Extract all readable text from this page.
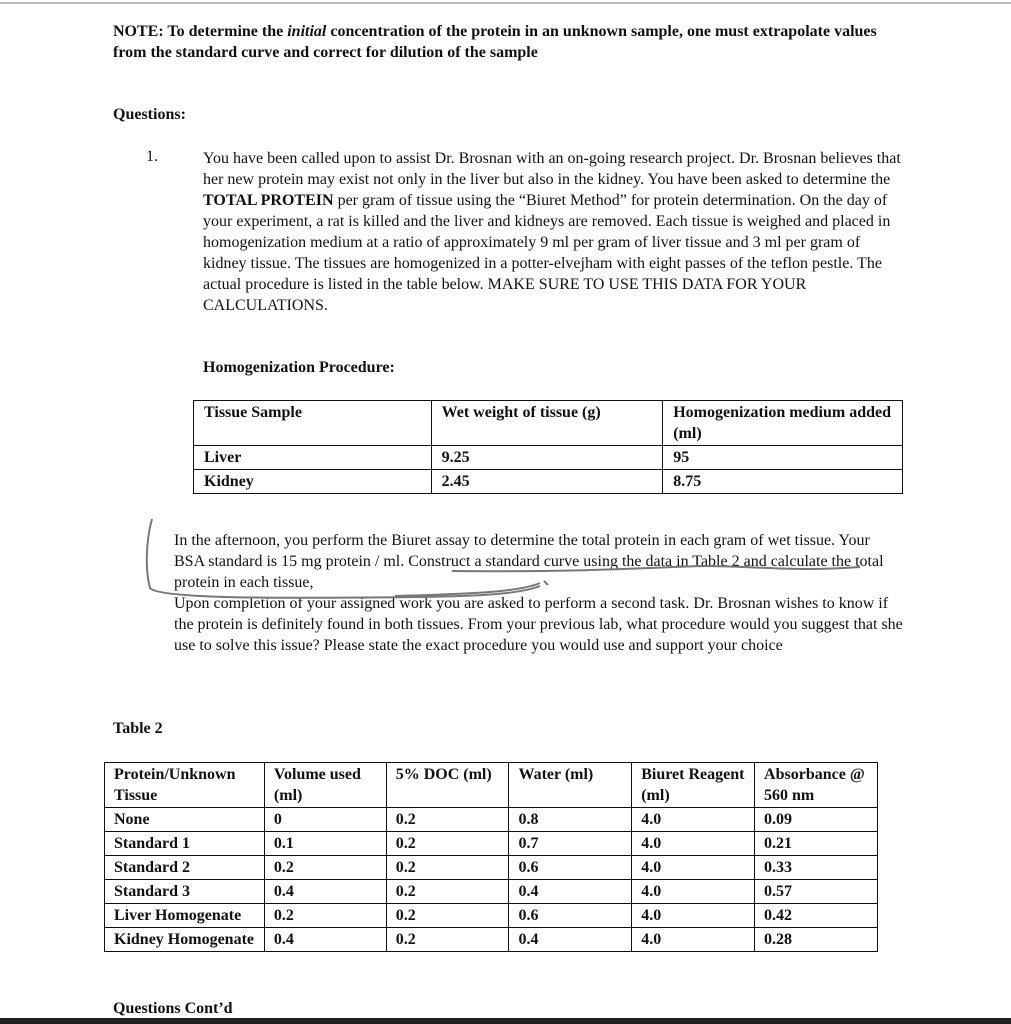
NOTE: To determine the initial concentration of the protein in an unknown sample, one must extrapolate values from the standard curve and correct for dilution of the sample
Questions:
1.	You have been called upon to assist Dr. Brosnan with an on-going research project. Dr. Brosnan believes that her new protein may exist not only in the liver but also in the kidney. You have been asked to determine the TOTAL PROTEIN per gram of tissue using the “Biuret Method” for protein determination. On the day of your experiment, a rat is killed and the liver and kidneys are removed. Each tissue is weighed and placed in homogenization medium at a ratio of approximately 9 ml per gram of liver tissue and 3 ml per gram of kidney tissue. The tissues are homogenized in a potter-elvejham with eight passes of the teflon pestle. The actual procedure is listed in the table below. MAKE SURE TO USE THIS DATA FOR YOUR CALCULATIONS.
Homogenization Procedure:
Tissue Sample	Wet weight of tissue (g)	Homogenization medium added (ml)
Liver	9.25	95
Kidney	2.45	8.75
In the afternoon, you perform the Biuret assay to determine the total protein in each gram of wet tissue. Your BSA standard is 15 mg protein / ml. Construct a standard curve using the data in Table 2 and calculate the total protein in each tissue,
Upon completion of your assigned work you are asked to perform a second task. Dr. Brosnan wishes to know if the protein is definitely found in both tissues. From your previous lab, what procedure would you suggest that she use to solve this issue? Please state the exact procedure you would use and support your choice
Table 2
Protein/Unknown Tissue	Volume used (ml)	5% DOC (ml)	Water (ml)	Biuret Reagent (ml)	Absorbance @ 560 nm
None	0	0.2	0.8	4.0	0.09
Standard 1	0.1	0.2	0.7	4.0	0.21
Standard 2	0.2	0.2	0.6	4.0	0.33
Standard 3	0.4	0.2	0.4	4.0	0.57
Liver Homogenate	0.2	0.2	0.6	4.0	0.42
Kidney Homogenate	0.4	0.2	0.4	4.0	0.28
Questions Cont’d
